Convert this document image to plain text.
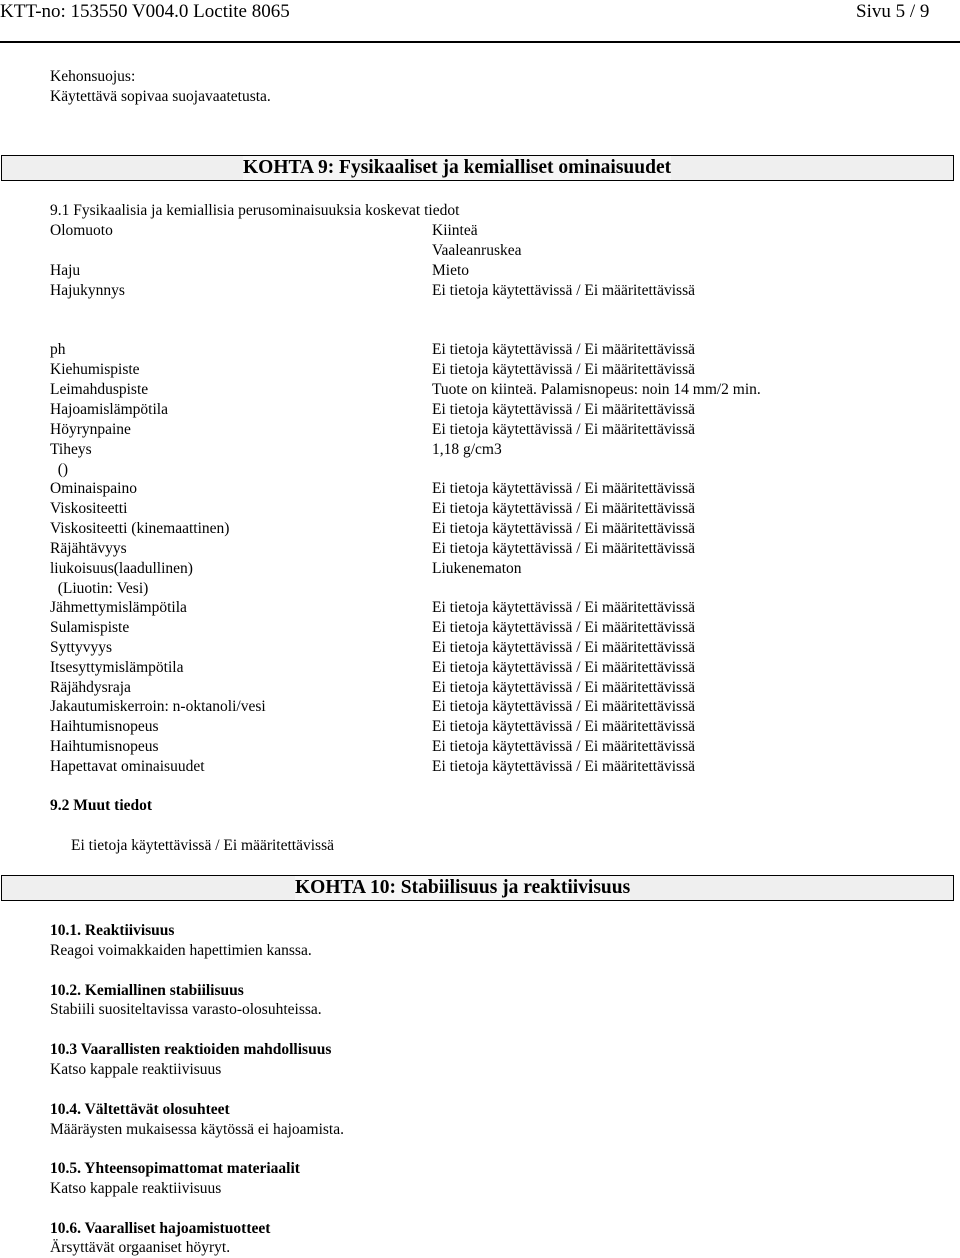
KTT-no: 153550 V004.0 Loctite 8065	Sivu 5 / 9
Kehonsuojus:
Käytettävä sopivaa suojavaatetusta.
KOHTA 9: Fysikaaliset ja kemialliset ominaisuudet
9.1 Fysikaalisia ja kemiallisia perusominaisuuksia koskevat tiedot
Olomuoto	Kiinteä
Vaaleanruskea
Haju	Mieto
Hajukynnys	Ei tietoja käytettävissä / Ei määritettävissä
ph	Ei tietoja käytettävissä / Ei määritettävissä
Kiehumispiste	Ei tietoja käytettävissä / Ei määritettävissä
Leimahduspiste	Tuote on kiinteä. Palamisnopeus: noin 14 mm/2 min.
Hajoamislämpötila	Ei tietoja käytettävissä / Ei määritettävissä
Höyrynpaine	Ei tietoja käytettävissä / Ei määritettävissä
Tiheys	1,18 g/cm3
()
Ominaispaino	Ei tietoja käytettävissä / Ei määritettävissä
Viskositeetti	Ei tietoja käytettävissä / Ei määritettävissä
Viskositeetti (kinemaattinen)	Ei tietoja käytettävissä / Ei määritettävissä
Räjähtävyys	Ei tietoja käytettävissä / Ei määritettävissä
liukoisuus(laadullinen)	Liukenematon
(Liuotin: Vesi)
Jähmettymislämpötila	Ei tietoja käytettävissä / Ei määritettävissä
Sulamispiste	Ei tietoja käytettävissä / Ei määritettävissä
Syttyvyys	Ei tietoja käytettävissä / Ei määritettävissä
Itsesyttymislämpötila	Ei tietoja käytettävissä / Ei määritettävissä
Räjähdysraja	Ei tietoja käytettävissä / Ei määritettävissä
Jakautumiskerroin: n-oktanoli/vesi	Ei tietoja käytettävissä / Ei määritettävissä
Haihtumisnopeus	Ei tietoja käytettävissä / Ei määritettävissä
Haihtumisnopeus	Ei tietoja käytettävissä / Ei määritettävissä
Hapettavat ominaisuudet	Ei tietoja käytettävissä / Ei määritettävissä
9.2 Muut tiedot
Ei tietoja käytettävissä / Ei määritettävissä
KOHTA 10: Stabiilisuus ja reaktiivisuus
10.1. Reaktiivisuus
Reagoi voimakkaiden hapettimien kanssa.
10.2. Kemiallinen stabiilisuus
Stabiili suositeltavissa varasto-olosuhteissa.
10.3 Vaarallisten reaktioiden mahdollisuus
Katso kappale reaktiivisuus
10.4. Vältettävät olosuhteet
Määräysten mukaisessa käytössä ei hajoamista.
10.5. Yhteensopimattomat materiaalit
Katso kappale reaktiivisuus
10.6. Vaaralliset hajoamistuotteet
Ärsyttävät orgaaniset höyryt.
